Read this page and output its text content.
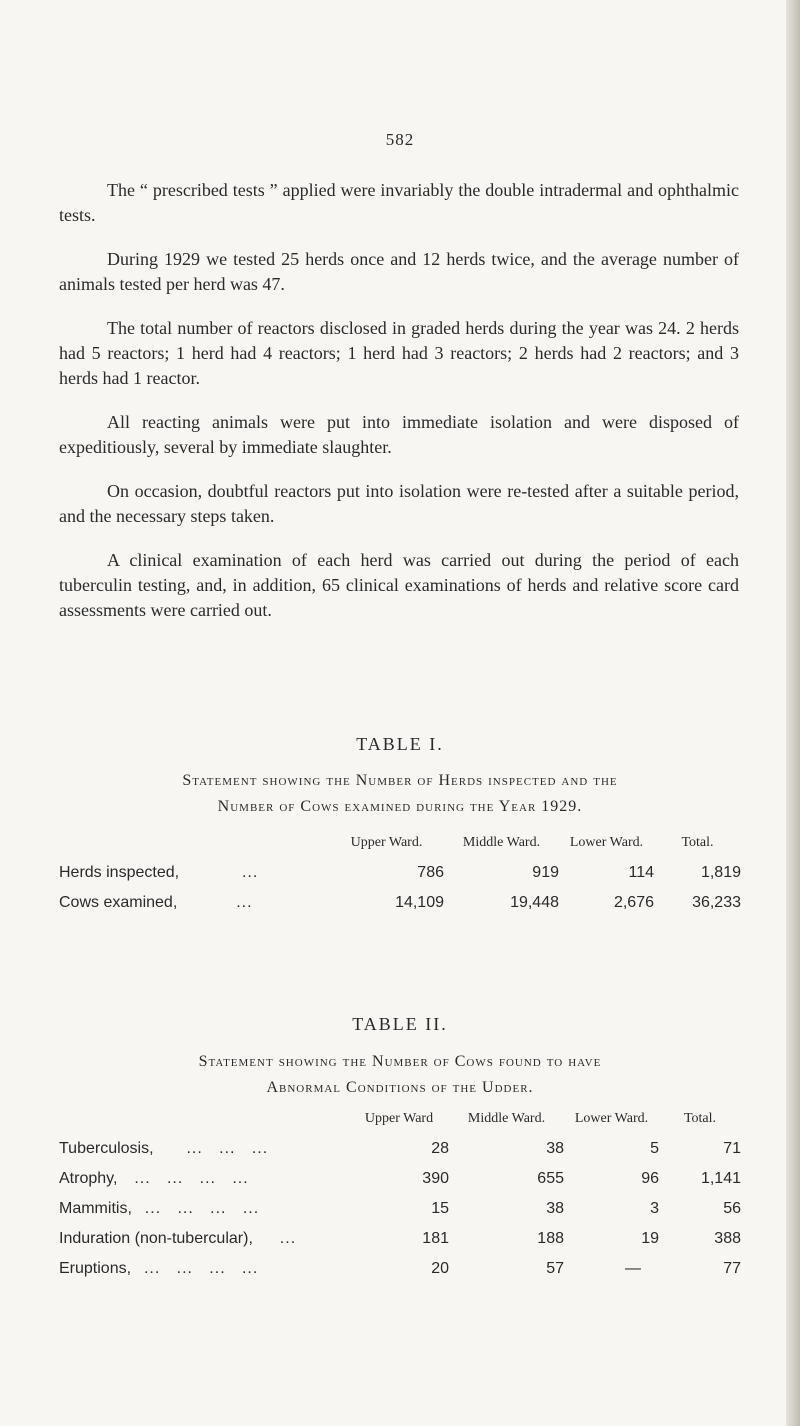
582

The “ prescribed tests ” applied were invariably the double intradermal and ophthalmic tests.

During 1929 we tested 25 herds once and 12 herds twice, and the average number of animals tested per herd was 47.

The total number of reactors disclosed in graded herds during the year was 24. 2 herds had 5 reactors; 1 herd had 4 reactors; 1 herd had 3 reactors; 2 herds had 2 reactors; and 3 herds had 1 reactor.

All reacting animals were put into immediate isolation and were disposed of expeditiously, several by immediate slaughter.

On occasion, doubtful reactors put into isolation were re-tested after a suitable period, and the necessary steps taken.

A clinical examination of each herd was carried out during the period of each tuberculin testing, and, in addition, 65 clinical examinations of herds and relative score card assessments were carried out.

TABLE I.
Statement showing the Number of Herds inspected and the
Number of Cows examined during the Year 1929.
	Upper Ward.	Middle Ward.	Lower Ward.	Total.
Herds inspected, ...	786	919	114	1,819
Cows examined, ...	14,109	19,448	2,676	36,233
TABLE II.
Statement showing the Number of Cows found to have
Abnormal Conditions of the Udder.
	Upper Ward	Middle Ward.	Lower Ward.	Total.
Tuberculosis, ...   ...   ...	28	38	5	71
Atrophy, ...   ...   ...   ...	390	655	96	1,141
Mammitis, ...   ...   ...   ...	15	38	3	56
Induration (non-tubercular), ...	181	188	19	388
Eruptions, ...   ...   ...   ...	20	57	—	77
